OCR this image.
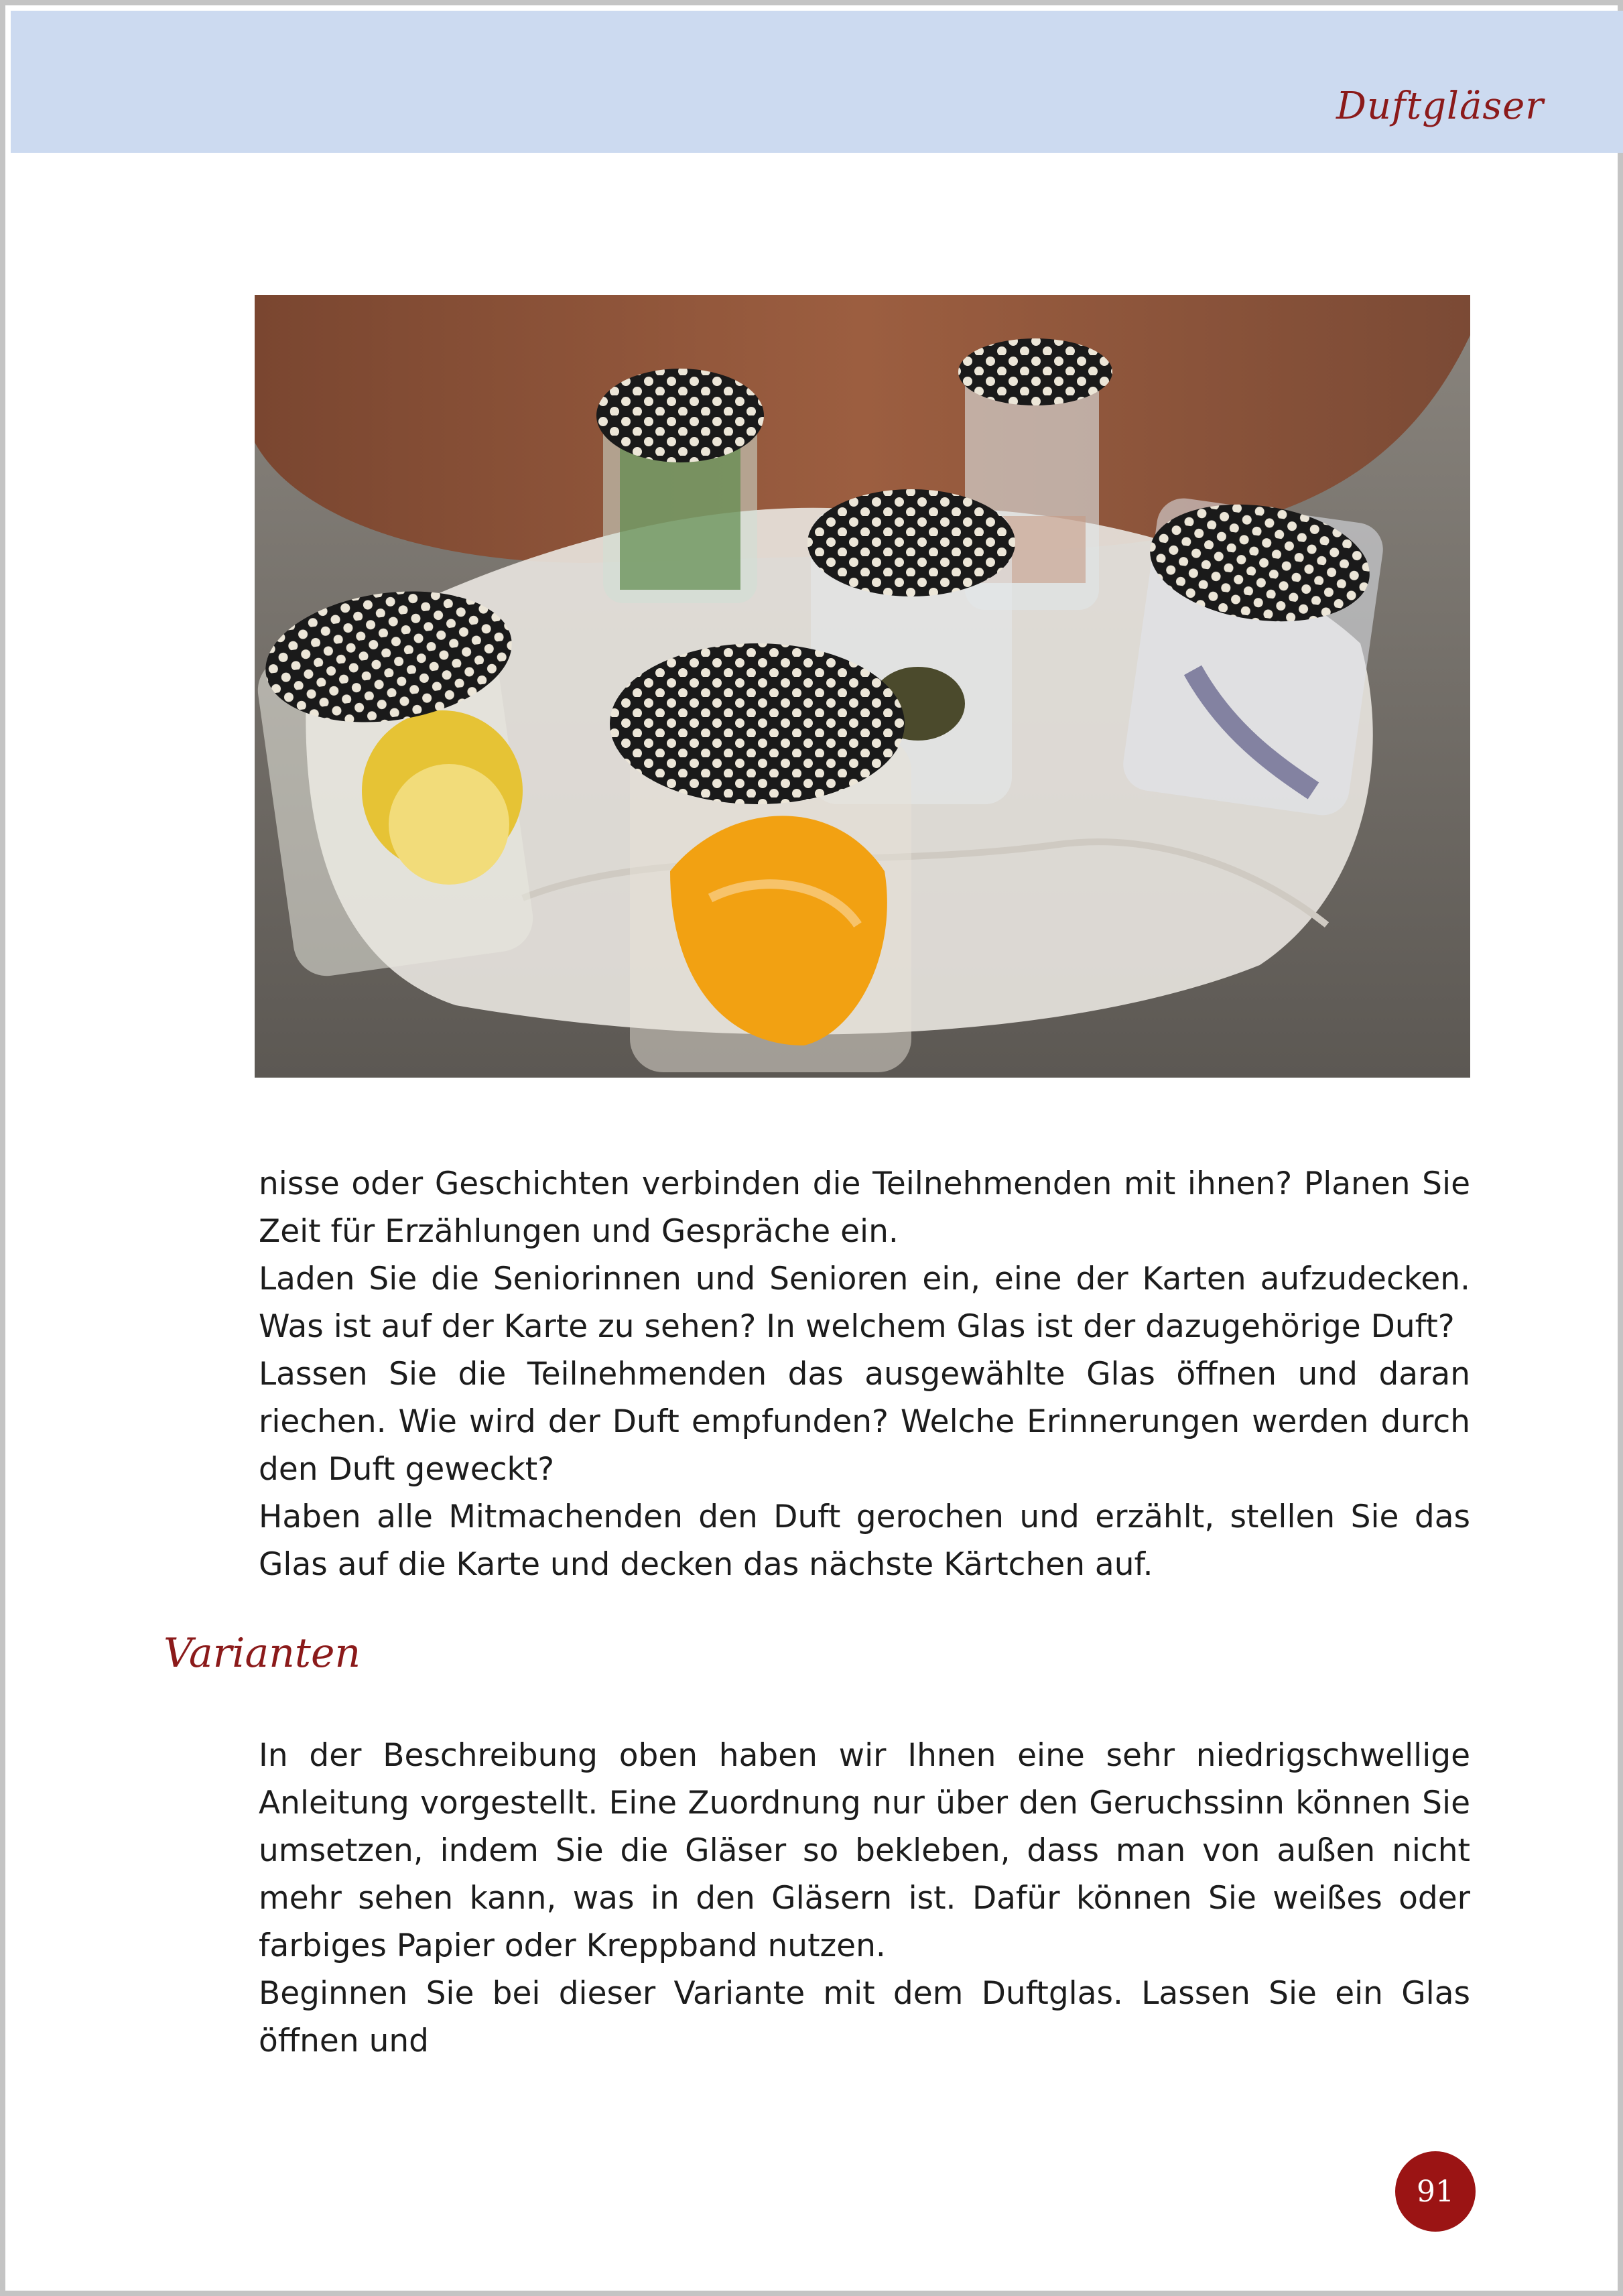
Duftgläser

nisse oder Geschichten verbinden die Teilnehmenden mit ihnen? Planen Sie Zeit für Erzählungen und Gespräche ein.

Laden Sie die Seniorinnen und Senioren ein, eine der Karten aufzudecken. Was ist auf der Karte zu sehen? In welchem Glas ist der dazugehörige Duft?

Lassen Sie die Teilnehmenden das ausgewählte Glas öffnen und daran riechen. Wie wird der Duft empfunden? Welche Erinnerungen werden durch den Duft geweckt?

Haben alle Mitmachenden den Duft gerochen und erzählt, stellen Sie das Glas auf die Karte und decken das nächste Kärtchen auf.

Varianten

In der Beschreibung oben haben wir Ihnen eine sehr niedrigschwellige Anleitung vorgestellt. Eine Zuordnung nur über den Geruchssinn können Sie umsetzen, indem Sie die Gläser so bekleben, dass man von außen nicht mehr sehen kann, was in den Gläsern ist. Dafür können Sie weißes oder farbiges Papier oder Kreppband nutzen.

Beginnen Sie bei dieser Variante mit dem Duftglas. Lassen Sie ein Glas öffnen und

91
